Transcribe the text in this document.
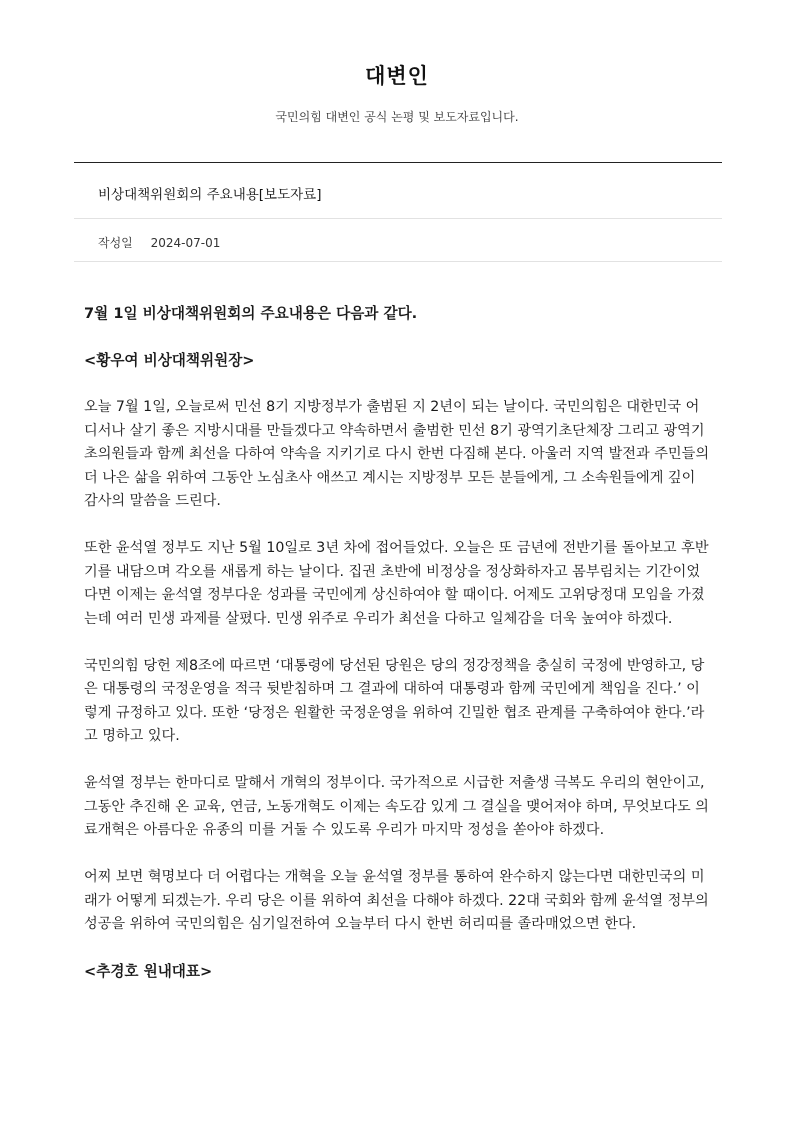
대변인
국민의힘 대변인 공식 논평 및 보도자료입니다.
비상대책위원회의 주요내용[보도자료]
작성일 2024-07-01

7월 1일 비상대책위원회의 주요내용은 다음과 같다.

<황우여 비상대책위원장>

오늘 7월 1일, 오늘로써 민선 8기 지방정부가 출범된 지 2년이 되는 날이다. 국민의힘은 대한민국 어디서나 살기 좋은 지방시대를 만들겠다고 약속하면서 출범한 민선 8기 광역기초단체장 그리고 광역기초의원들과 함께 최선을 다하여 약속을 지키기로 다시 한번 다짐해 본다. 아울러 지역 발전과 주민들의 더 나은 삶을 위하여 그동안 노심초사 애쓰고 계시는 지방정부 모든 분들에게, 그 소속원들에게 깊이 감사의 말씀을 드린다.

또한 윤석열 정부도 지난 5월 10일로 3년 차에 접어들었다. 오늘은 또 금년에 전반기를 돌아보고 후반기를 내담으며 각오를 새롭게 하는 날이다. 집권 초반에 비정상을 정상화하자고 몸부림치는 기간이었다면 이제는 윤석열 정부다운 성과를 국민에게 상신하여야 할 때이다. 어제도 고위당정대 모임을 가졌는데 여러 민생 과제를 살폈다. 민생 위주로 우리가 최선을 다하고 일체감을 더욱 높여야 하겠다.

국민의힘 당헌 제8조에 따르면 ‘대통령에 당선된 당원은 당의 정강정책을 충실히 국정에 반영하고, 당은 대통령의 국정운영을 적극 뒷받침하며 그 결과에 대하여 대통령과 함께 국민에게 책임을 진다.’ 이렇게 규정하고 있다. 또한 ‘당정은 원활한 국정운영을 위하여 긴밀한 협조 관계를 구축하여야 한다.’라고 명하고 있다.

윤석열 정부는 한마디로 말해서 개혁의 정부이다. 국가적으로 시급한 저출생 극복도 우리의 현안이고, 그동안 추진해 온 교육, 연금, 노동개혁도 이제는 속도감 있게 그 결실을 맺어져야 하며, 무엇보다도 의료개혁은 아름다운 유종의 미를 거둘 수 있도록 우리가 마지막 정성을 쏟아야 하겠다.

어찌 보면 혁명보다 더 어렵다는 개혁을 오늘 윤석열 정부를 통하여 완수하지 않는다면 대한민국의 미래가 어떻게 되겠는가. 우리 당은 이를 위하여 최선을 다해야 하겠다. 22대 국회와 함께 윤석열 정부의 성공을 위하여 국민의힘은 심기일전하여 오늘부터 다시 한번 허리띠를 졸라매었으면 한다.

<추경호 원내대표>
